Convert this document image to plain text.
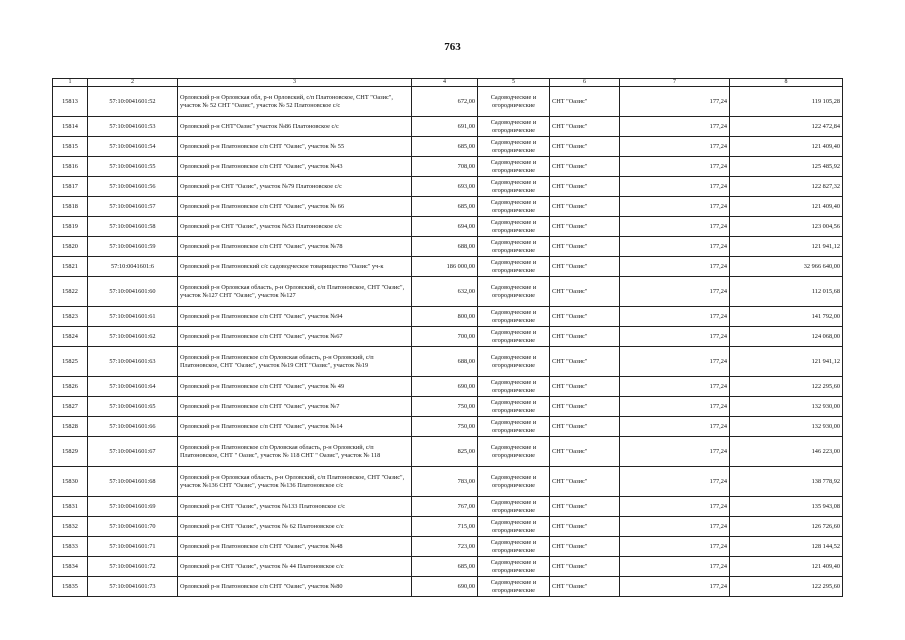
763
1	2	3	4	5	6	7	8
15813	57:10:0041601:52	Орловский р-н Орловская обл, р-н Орловский, с/п Платоновское, СНТ "Оазис", участок № 52 СНТ "Оазис", участок № 52 Платоновское с/с	672,00	Садоводческие и огороднические	СНТ "Оазис"	177,24	119 105,28
15814	57:10:0041601:53	Орловский р-н СНТ"Оазис" участок №86 Платоновское с/с	691,00	Садоводческие и огороднические	СНТ "Оазис"	177,24	122 472,84
15815	57:10:0041601:54	Орловский р-н Платоновское с/п СНТ "Оазис", участок № 55	685,00	Садоводческие и огороднические	СНТ "Оазис"	177,24	121 409,40
15816	57:10:0041601:55	Орловский р-н Платоновское с/п СНТ "Оазис", участок №43	708,00	Садоводческие и огороднические	СНТ "Оазис"	177,24	125 485,92
15817	57:10:0041601:56	Орловский р-н СНТ "Оазис", участок №79 Платоновское с/с	693,00	Садоводческие и огороднические	СНТ "Оазис"	177,24	122 827,32
15818	57:10:0041601:57	Орловский р-н Платоновское с/п СНТ "Оазис", участок № 66	685,00	Садоводческие и огороднические	СНТ "Оазис"	177,24	121 409,40
15819	57:10:0041601:58	Орловский р-н СНТ "Оазис", участок №53 Платоновское с/с	694,00	Садоводческие и огороднические	СНТ "Оазис"	177,24	123 004,56
15820	57:10:0041601:59	Орловский р-н Платоновское с/п СНТ "Оазис", участок №78	688,00	Садоводческие и огороднические	СНТ "Оазис"	177,24	121 941,12
15821	57:10:0041601:6	Орловский р-н Платоновский с/с садоводческое товарищество "Оазис" уч-к	186 000,00	Садоводческие и огороднические	СНТ "Оазис"	177,24	32 966 640,00
15822	57:10:0041601:60	Орловский р-н Орловская область, р-н Орловский, с/п Платоновское, СНТ "Оазис", участок №127 СНТ "Оазис", участок №127	632,00	Садоводческие и огороднические	СНТ "Оазис"	177,24	112 015,68
15823	57:10:0041601:61	Орловский р-н Платоновское с/п СНТ "Оазис", участок №94	800,00	Садоводческие и огороднические	СНТ "Оазис"	177,24	141 792,00
15824	57:10:0041601:62	Орловский р-н Платоновское с/п СНТ "Оазис", участок №67	700,00	Садоводческие и огороднические	СНТ "Оазис"	177,24	124 068,00
15825	57:10:0041601:63	Орловский р-н Платоновское с/п Орловская область, р-н Орловский, с/п Платоновское, СНТ "Оазис", участок №19 СНТ "Оазис", участок №19	688,00	Садоводческие и огороднические	СНТ "Оазис"	177,24	121 941,12
15826	57:10:0041601:64	Орловский р-н Платоновское с/п СНТ "Оазис", участок № 49	690,00	Садоводческие и огороднические	СНТ "Оазис"	177,24	122 295,60
15827	57:10:0041601:65	Орловский р-н Платоновское с/п СНТ "Оазис", участок №7	750,00	Садоводческие и огороднические	СНТ "Оазис"	177,24	132 930,00
15828	57:10:0041601:66	Орловский р-н Платоновское с/п СНТ "Оазис", участок №14	750,00	Садоводческие и огороднические	СНТ "Оазис"	177,24	132 930,00
15829	57:10:0041601:67	Орловский р-н Платоновское с/п Орловская область, р-н Орловский, с/п Платоновское, СНТ " Оазис", участок № 118 СНТ " Оазис", участок № 118	825,00	Садоводческие и огороднические	СНТ "Оазис"	177,24	146 223,00
15830	57:10:0041601:68	Орловский р-н Орловская область, р-н Орловский, с/п Платоновское, СНТ "Оазис", участок №136 СНТ "Оазис", участок №136 Платоновское с/с	783,00	Садоводческие и огороднические	СНТ "Оазис"	177,24	138 778,92
15831	57:10:0041601:69	Орловский р-н СНТ "Оазис", участок №133 Платоновское с/с	767,00	Садоводческие и огороднические	СНТ "Оазис"	177,24	135 943,08
15832	57:10:0041601:70	Орловский р-н СНТ "Оазис", участок № 62 Платоновское с/с	715,00	Садоводческие и огороднические	СНТ "Оазис"	177,24	126 726,60
15833	57:10:0041601:71	Орловский р-н Платоновское с/п СНТ "Оазис", участок №48	723,00	Садоводческие и огороднические	СНТ "Оазис"	177,24	128 144,52
15834	57:10:0041601:72	Орловский р-н СНТ "Оазис", участок № 44 Платоновское с/с	685,00	Садоводческие и огороднические	СНТ "Оазис"	177,24	121 409,40
15835	57:10:0041601:73	Орловский р-н Платоновское с/п СНТ "Оазис", участок №80	690,00	Садоводческие и огороднические	СНТ "Оазис"	177,24	122 295,60
